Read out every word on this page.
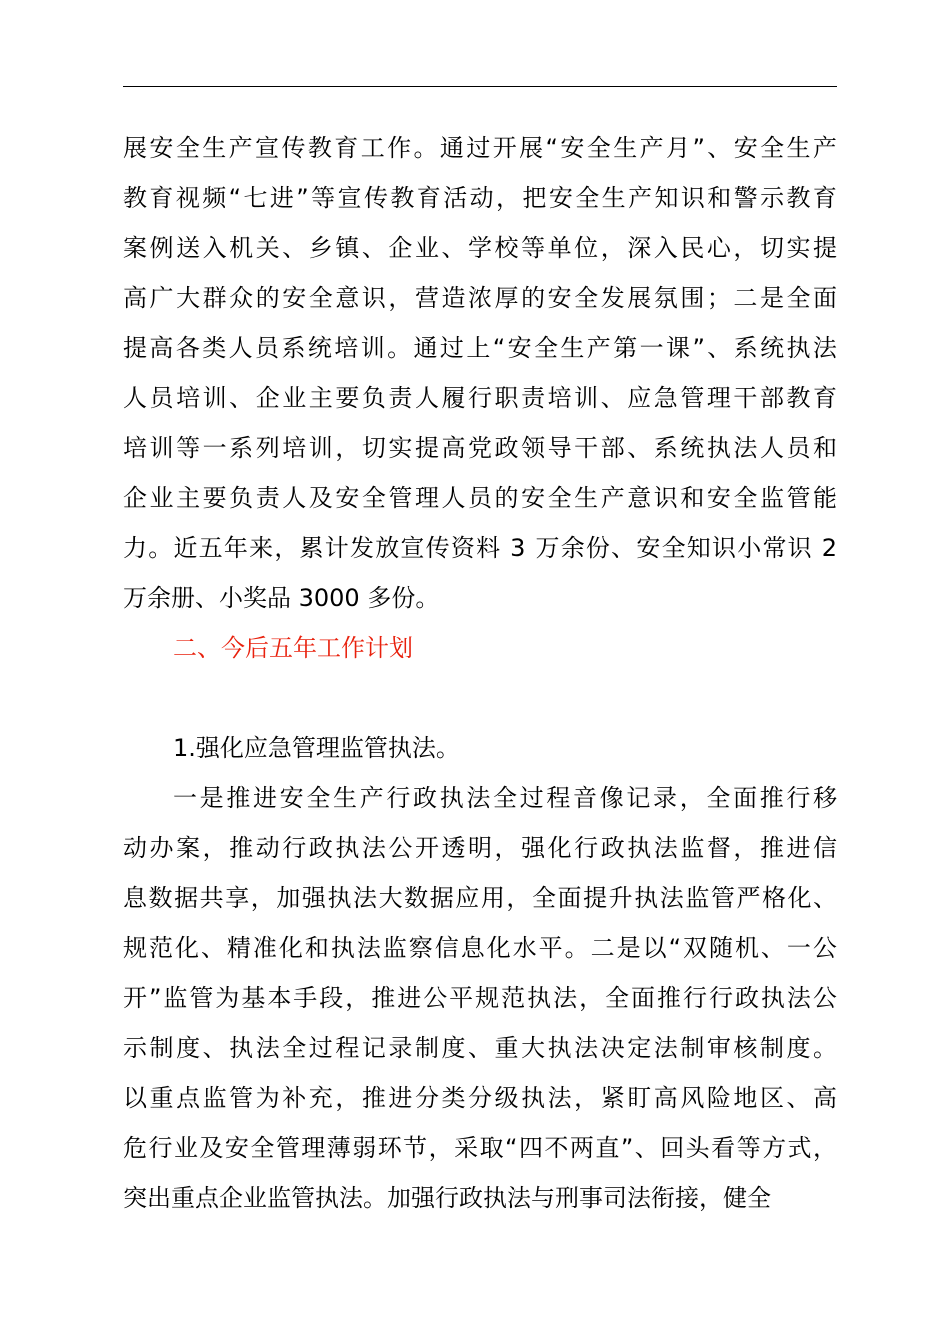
展安全生产宣传教育工作。通过开展“安全生产月”、安全生产
教育视频“七进”等宣传教育活动，把安全生产知识和警示教育
案例送入机关、乡镇、企业、学校等单位，深入民心，切实提
高广大群众的安全意识，营造浓厚的安全发展氛围；二是全面
提高各类人员系统培训。通过上“安全生产第一课”、系统执法
人员培训、企业主要负责人履行职责培训、应急管理干部教育
培训等一系列培训，切实提高党政领导干部、系统执法人员和
企业主要负责人及安全管理人员的安全生产意识和安全监管能
力。近五年来，累计发放宣传资料 3 万余份、安全知识小常识 2
万余册、小奖品 3000 多份。
二、今后五年工作计划
1.强化应急管理监管执法。
一是推进安全生产行政执法全过程音像记录，全面推行移
动办案，推动行政执法公开透明，强化行政执法监督，推进信
息数据共享，加强执法大数据应用，全面提升执法监管严格化、
规范化、精准化和执法监察信息化水平。二是以“双随机、一公
开”监管为基本手段，推进公平规范执法，全面推行行政执法公
示制度、执法全过程记录制度、重大执法决定法制审核制度。
以重点监管为补充，推进分类分级执法，紧盯高风险地区、高
危行业及安全管理薄弱环节，采取“四不两直”、回头看等方式，
突出重点企业监管执法。加强行政执法与刑事司法衔接，健全
